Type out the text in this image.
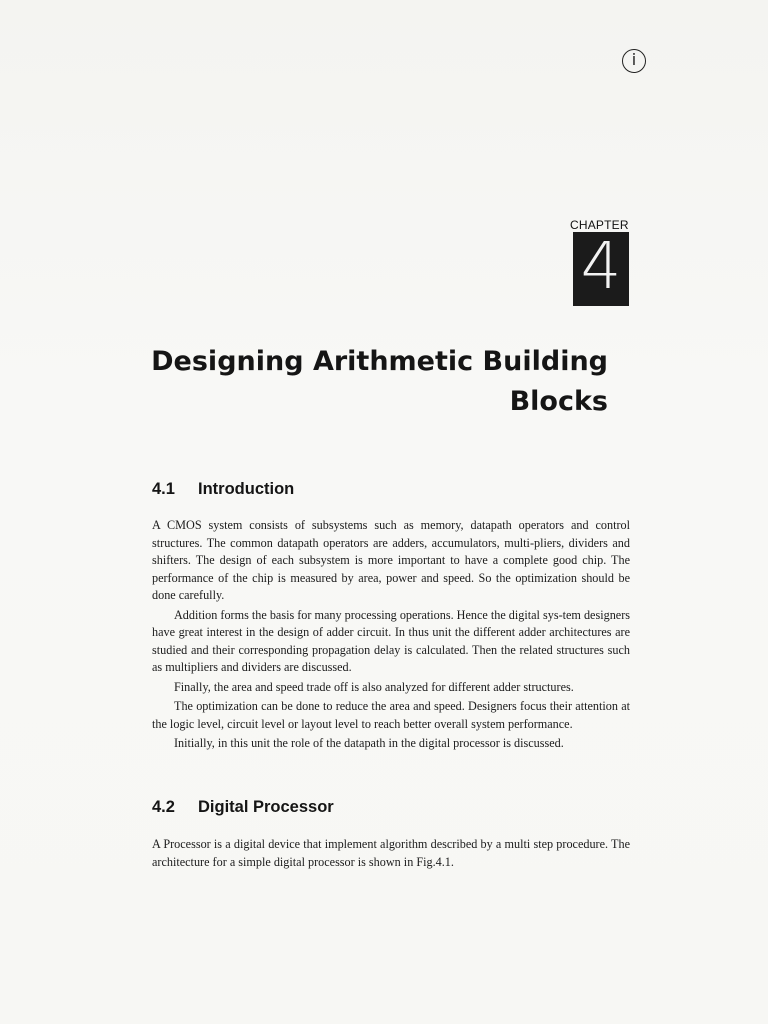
i
CHAPTER
4
Designing Arithmetic Building
Blocks
4.1 Introduction

A CMOS system consists of subsystems such as memory, datapath operators and control structures. The common datapath operators are adders, accumulators, multi-pliers, dividers and shifters. The design of each subsystem is more important to have a complete good chip. The performance of the chip is measured by area, power and speed. So the optimization should be done carefully.

Addition forms the basis for many processing operations. Hence the digital sys-tem designers have great interest in the design of adder circuit. In thus unit the different adder architectures are studied and their corresponding propagation delay is calculated. Then the related structures such as multipliers and dividers are discussed.

Finally, the area and speed trade off is also analyzed for different adder structures.

The optimization can be done to reduce the area and speed. Designers focus their attention at the logic level, circuit level or layout level to reach better overall system performance.

Initially, in this unit the role of the datapath in the digital processor is discussed.

4.2 Digital Processor

A Processor is a digital device that implement algorithm described by a multi step procedure. The architecture for a simple digital processor is shown in Fig.4.1.
